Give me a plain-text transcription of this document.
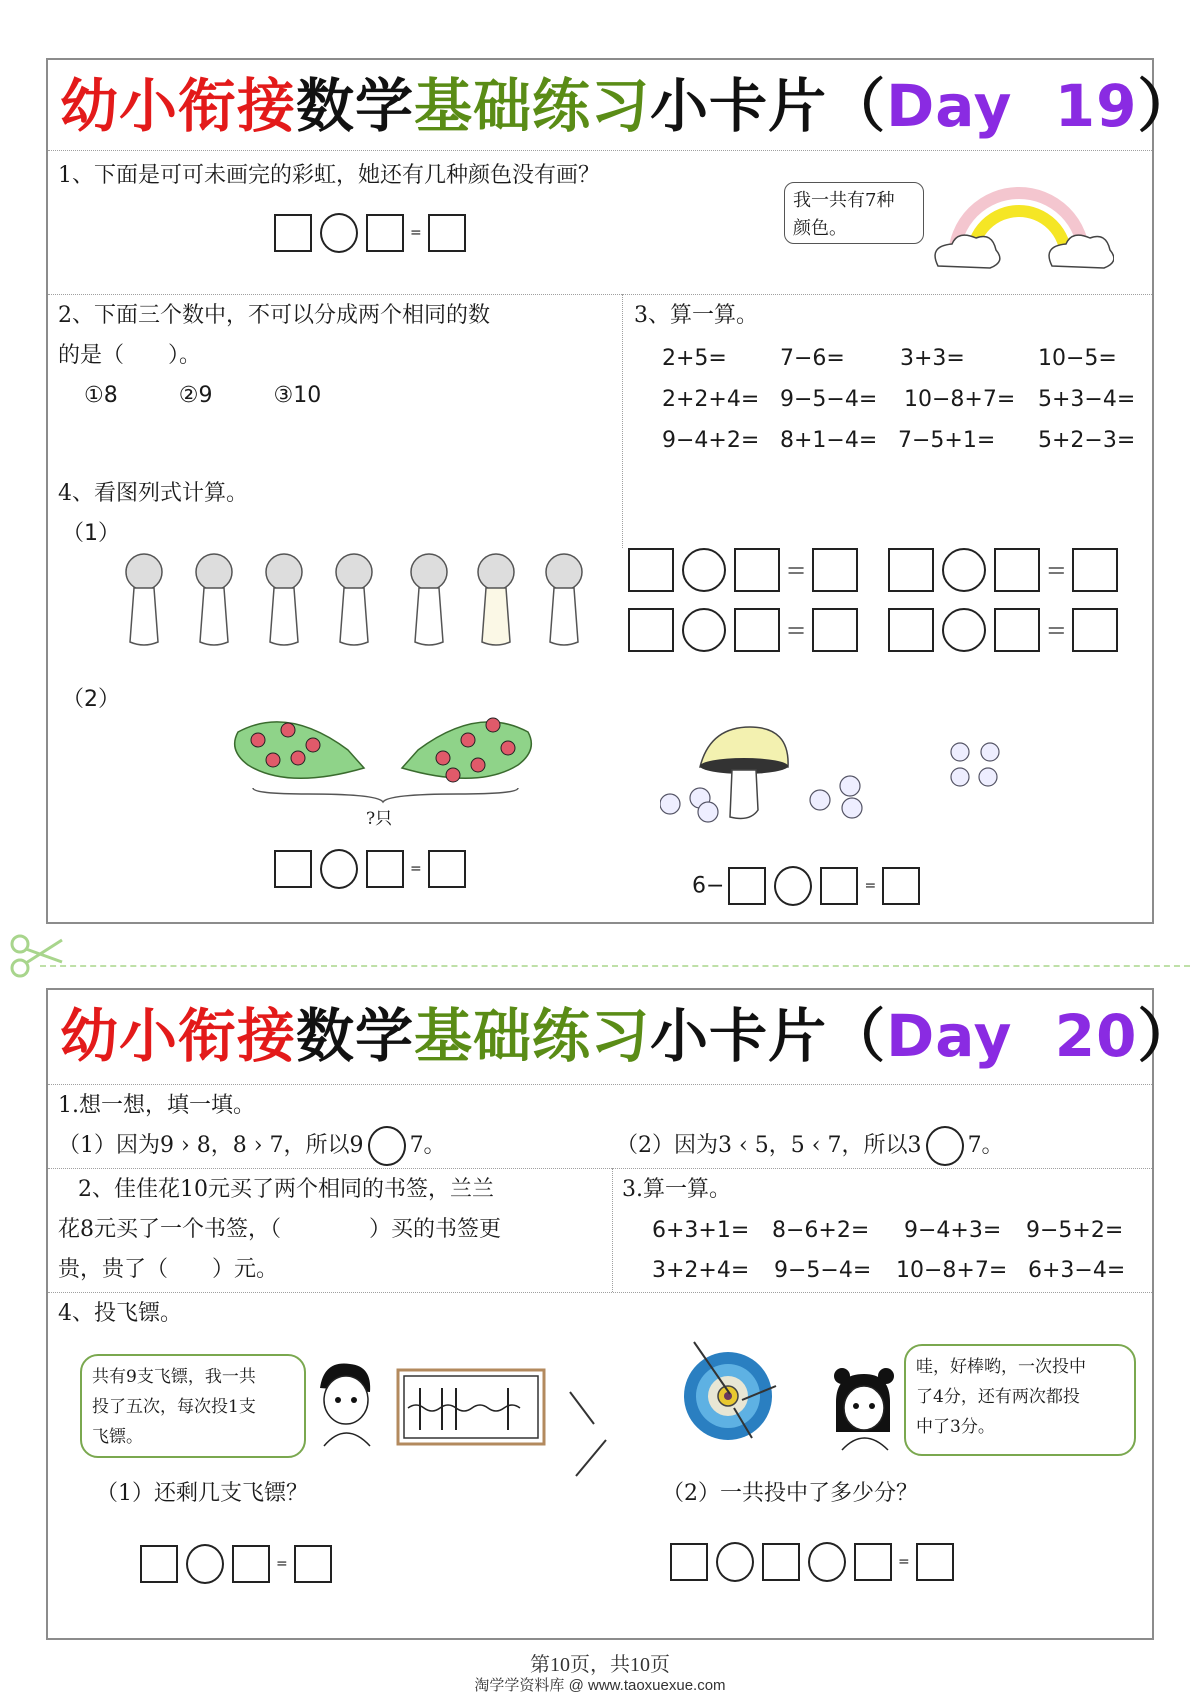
幼小衔接数学基础练习小卡片（Day  19）
1、下面是可可未画完的彩虹，她还有几种颜色没有画？
=
我一共有7种
颜色。
2、下面三个数中，不可以分成两个相同的数
的是（　　）。
①8	②9	③10
3、算一算。
2+5= 7−6=	3+3=	10−5=
2+2+4= 9−5−4= 10−8+7= 5+3−4=
9−4+2= 8+1−4= 7−5+1= 5+2−3=
4、看图列式计算。
（1）
=	=
=	=
（2）
?只
=
6−	=
幼小衔接数学基础练习小卡片（Day  20）
1.想一想，填一填。
（1）因为9 › 8，8 › 7，所以9 7。	（2）因为3 ‹ 5，5 ‹ 7，所以3 7。
2、佳佳花10元买了两个相同的书签，兰兰
花8元买了一个书签，（　　　　）买的书签更
贵，贵了（　　）元。
3.算一算。
6+3+1= 8−6+2= 9−4+3= 9−5+2=
3+2+4= 9−5−4= 10−8+7= 6+3−4=
4、投飞镖。
共有9支飞镖，我一共
投了五次，每次投1支
飞镖。
哇，好棒哟，一次投中
了4分，还有两次都投
中了3分。
（1）还剩几支飞镖？	（2）一共投中了多少分？
=	=
第10页，共10页
淘学学资料库 @ www.taoxuexue.com
